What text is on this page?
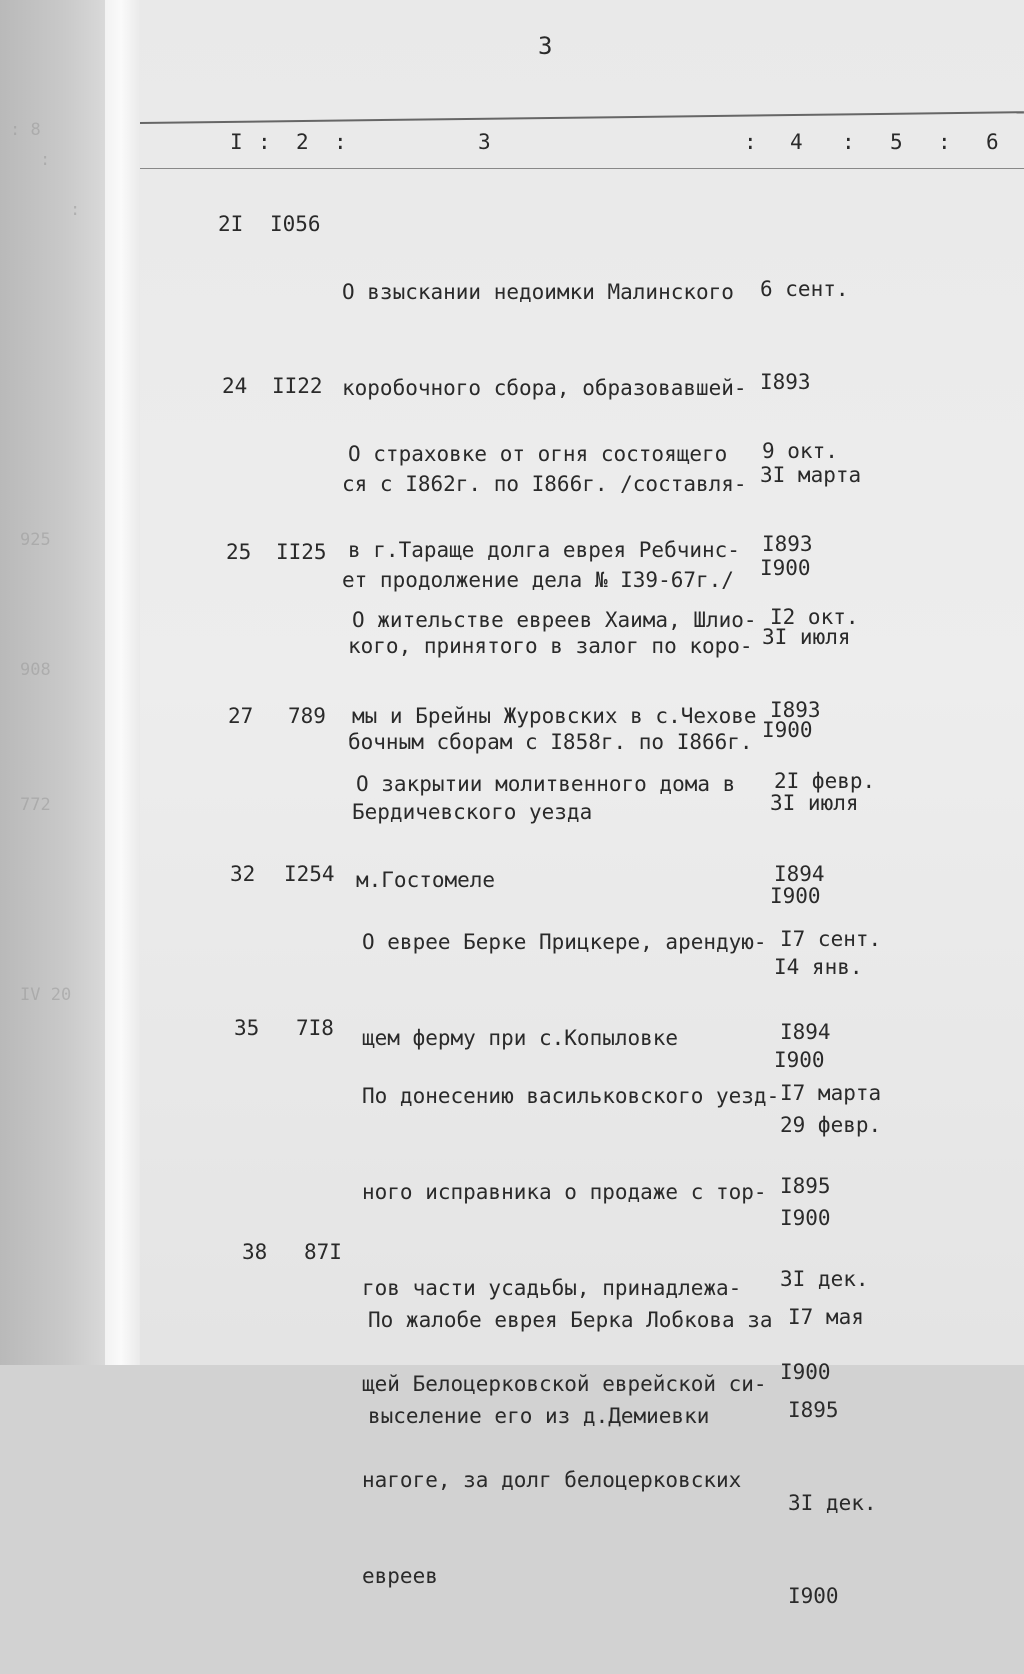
: 8
:
:
925
908
772
IV 20
3
I : 2 :	3	: 4 : 5 : 6
2I I056

О взыскании недоимки Малинского

коробочного сбора, образовавшей-

ся с I862г. по I866г. /составля-

ет продолжение дела № I39-67г./

6 сент.

I893

3I марта

I900

24 II22

О страховке от огня состоящего

в г.Тараще долга еврея Ребчинс-

кого, принятого в залог по коро-

бочным сборам с I858г. по I866г.

9 окт.

I893

3I июля

I900

25 II25

О жительстве евреев Хаима, Шлио-

мы и Брейны Журовских в с.Чехове

Бердичевского уезда

I2 окт.

I893

3I июля

I900

27 789

О закрытии молитвенного дома в

м.Гостомеле

2I февр.

I894

I4 янв.

I900

32 I254

О еврее Берке Прицкере, арендую-

щем ферму при с.Копыловке

I7 сент.

I894

29 февр.

I900

35 7I8

По донесению васильковского уезд-

ного исправника о продаже с тор-

гов части усадьбы, принадлежа-

щей Белоцерковской еврейской си-

нагоге, за долг белоцерковских

евреев

I7 марта

I895

3I дек.

I900

38 87I

По жалобе еврея Берка Лобкова за

выселение его из д.Демиевки

I7 мая

I895

3I дек.

I900
